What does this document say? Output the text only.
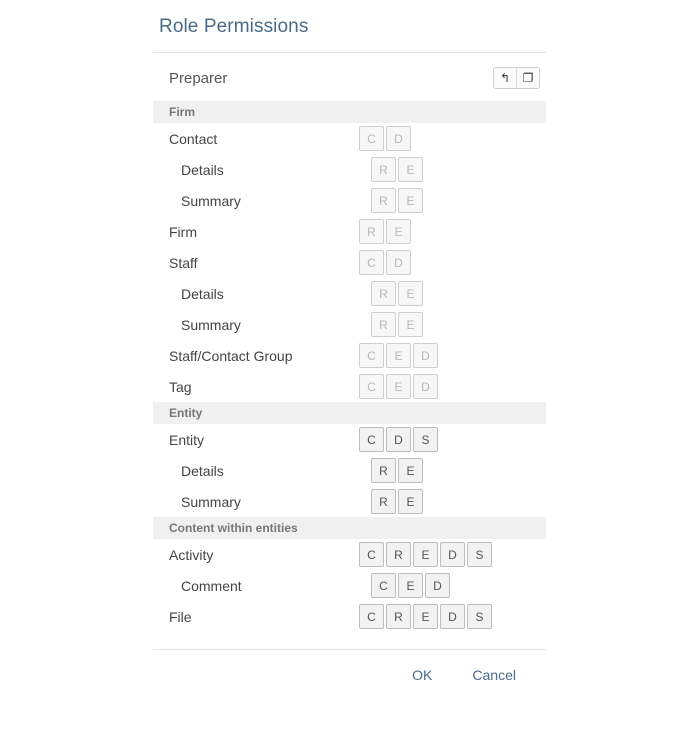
Role Permissions
Preparer	↰	❐
Firm
Contact	C	D
Details	R	E
Summary	R	E
Firm	R	E
Staff	C	D
Details	R	E
Summary	R	E
Staff/Contact Group	C	E	D
Tag	C	E	D
Entity
Entity	C	D	S
Details	R	E
Summary	R	E
Content within entities
Activity	C	R	E	D	S
Comment	C	E	D
File	C	R	E	D	S
OK	Cancel
